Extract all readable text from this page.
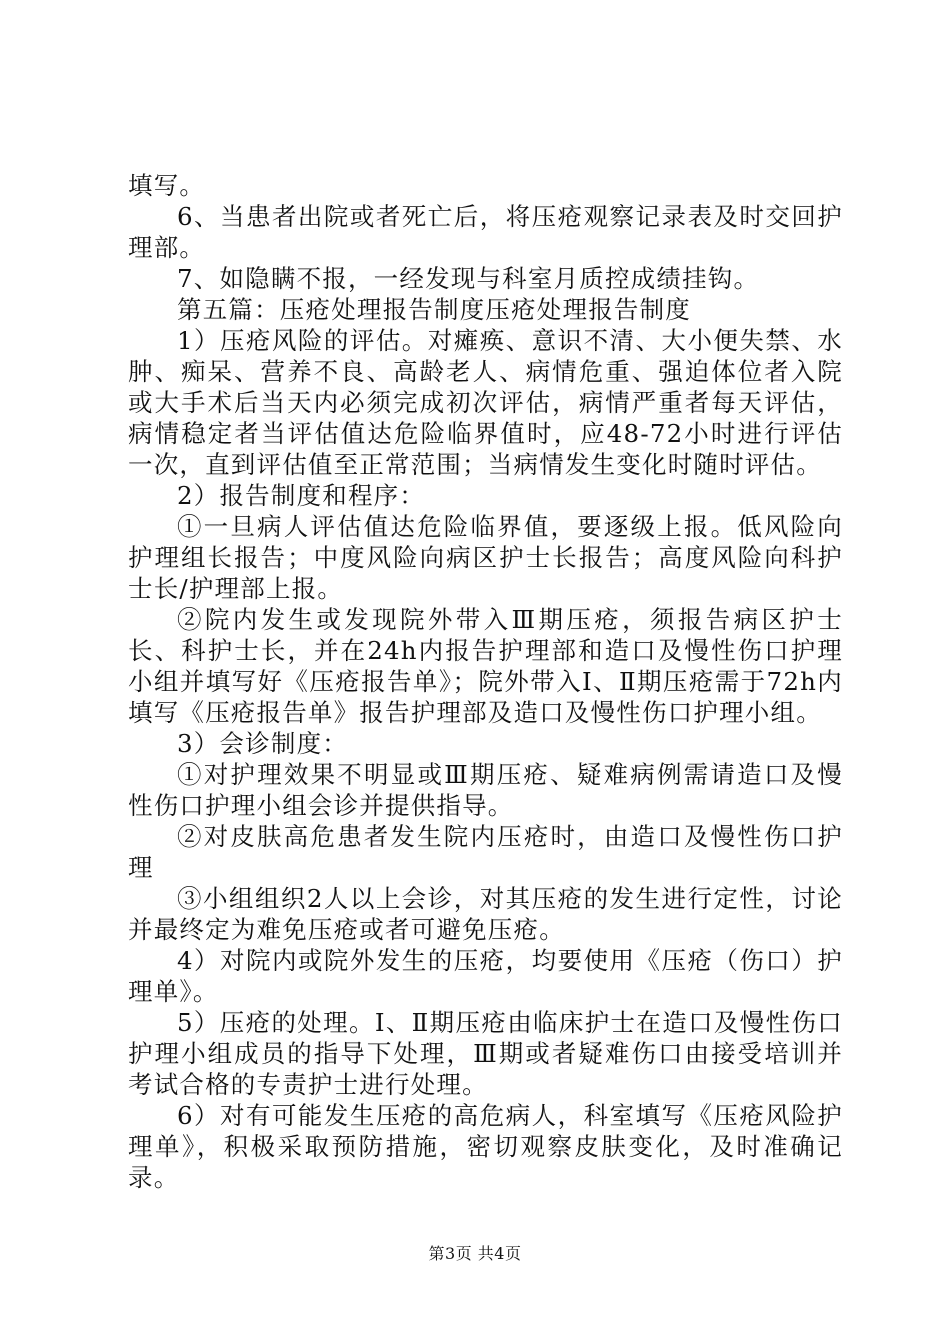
填写。

6、当患者出院或者死亡后，将压疮观察记录表及时交回护理部。

7、如隐瞒不报，一经发现与科室月质控成绩挂钩。

第五篇：压疮处理报告制度压疮处理报告制度

1）压疮风险的评估。对瘫痪、意识不清、大小便失禁、水肿、痴呆、营养不良、高龄老人、病情危重、强迫体位者入院或大手术后当天内必须完成初次评估，病情严重者每天评估，病情稳定者当评估值达危险临界值时，应48-72小时进行评估一次，直到评估值至正常范围；当病情发生变化时随时评估。

2）报告制度和程序：

①一旦病人评估值达危险临界值，要逐级上报。低风险向护理组长报告；中度风险向病区护士长报告；高度风险向科护士长/护理部上报。

②院内发生或发现院外带入Ⅲ期压疮，须报告病区护士长、科护士长，并在24h内报告护理部和造口及慢性伤口护理小组并填写好《压疮报告单》；院外带入Ⅰ、Ⅱ期压疮需于72h内填写《压疮报告单》报告护理部及造口及慢性伤口护理小组。

3）会诊制度：

①对护理效果不明显或Ⅲ期压疮、疑难病例需请造口及慢性伤口护理小组会诊并提供指导。

②对皮肤高危患者发生院内压疮时，由造口及慢性伤口护理

③小组组织2人以上会诊，对其压疮的发生进行定性，讨论并最终定为难免压疮或者可避免压疮。

4）对院内或院外发生的压疮，均要使用《压疮（伤口）护理单》。

5）压疮的处理。Ⅰ、Ⅱ期压疮由临床护士在造口及慢性伤口护理小组成员的指导下处理，Ⅲ期或者疑难伤口由接受培训并考试合格的专责护士进行处理。

6）对有可能发生压疮的高危病人，科室填写《压疮风险护理单》，积极采取预防措施，密切观察皮肤变化，及时准确记录。

第3页 共4页
